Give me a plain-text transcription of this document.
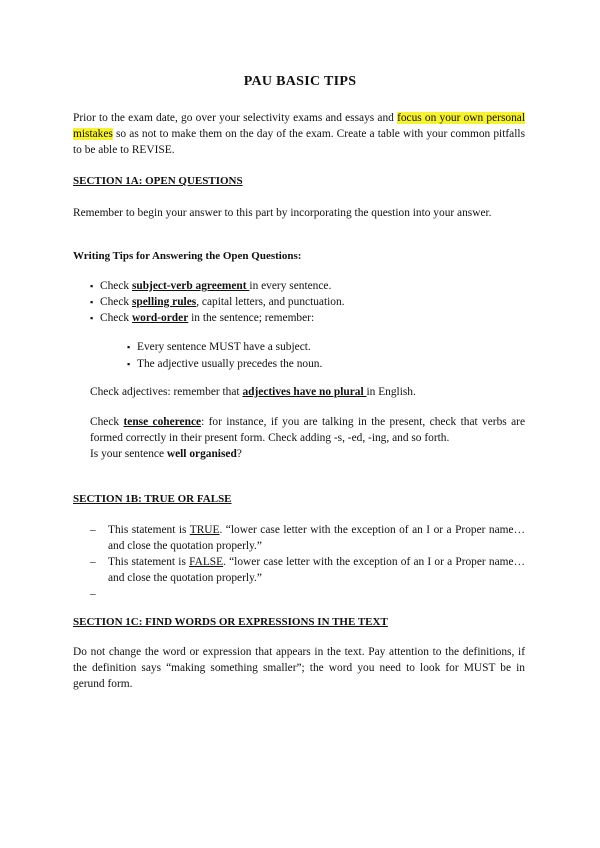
PAU BASIC TIPS
Prior to the exam date, go over your selectivity exams and essays and focus on your own personal mistakes so as not to make them on the day of the exam. Create a table with your common pitfalls to be able to REVISE.
SECTION 1A: OPEN QUESTIONS
Remember to begin your answer to this part by incorporating the question into your answer.
Writing Tips for Answering the Open Questions:
▪ Check subject-verb agreement in every sentence.
▪ Check spelling rules, capital letters, and punctuation.
▪ Check word-order in the sentence; remember:
▪ Every sentence MUST have a subject.
▪ The adjective usually precedes the noun.
Check adjectives: remember that adjectives have no plural in English.
Check tense coherence: for instance, if you are talking in the present, check that verbs are formed correctly in their present form. Check adding -s, -ed, -ing, and so forth.
Is your sentence well organised?
SECTION 1B: TRUE OR FALSE
– This statement is TRUE. “lower case letter with the exception of an I or a Proper name… and close the quotation properly.”
– This statement is FALSE. “lower case letter with the exception of an I or a Proper name… and close the quotation properly.”
–
SECTION 1C: FIND WORDS OR EXPRESSIONS IN THE TEXT
Do not change the word or expression that appears in the text. Pay attention to the definitions, if the definition says “making something smaller”; the word you need to look for MUST be in gerund form.
